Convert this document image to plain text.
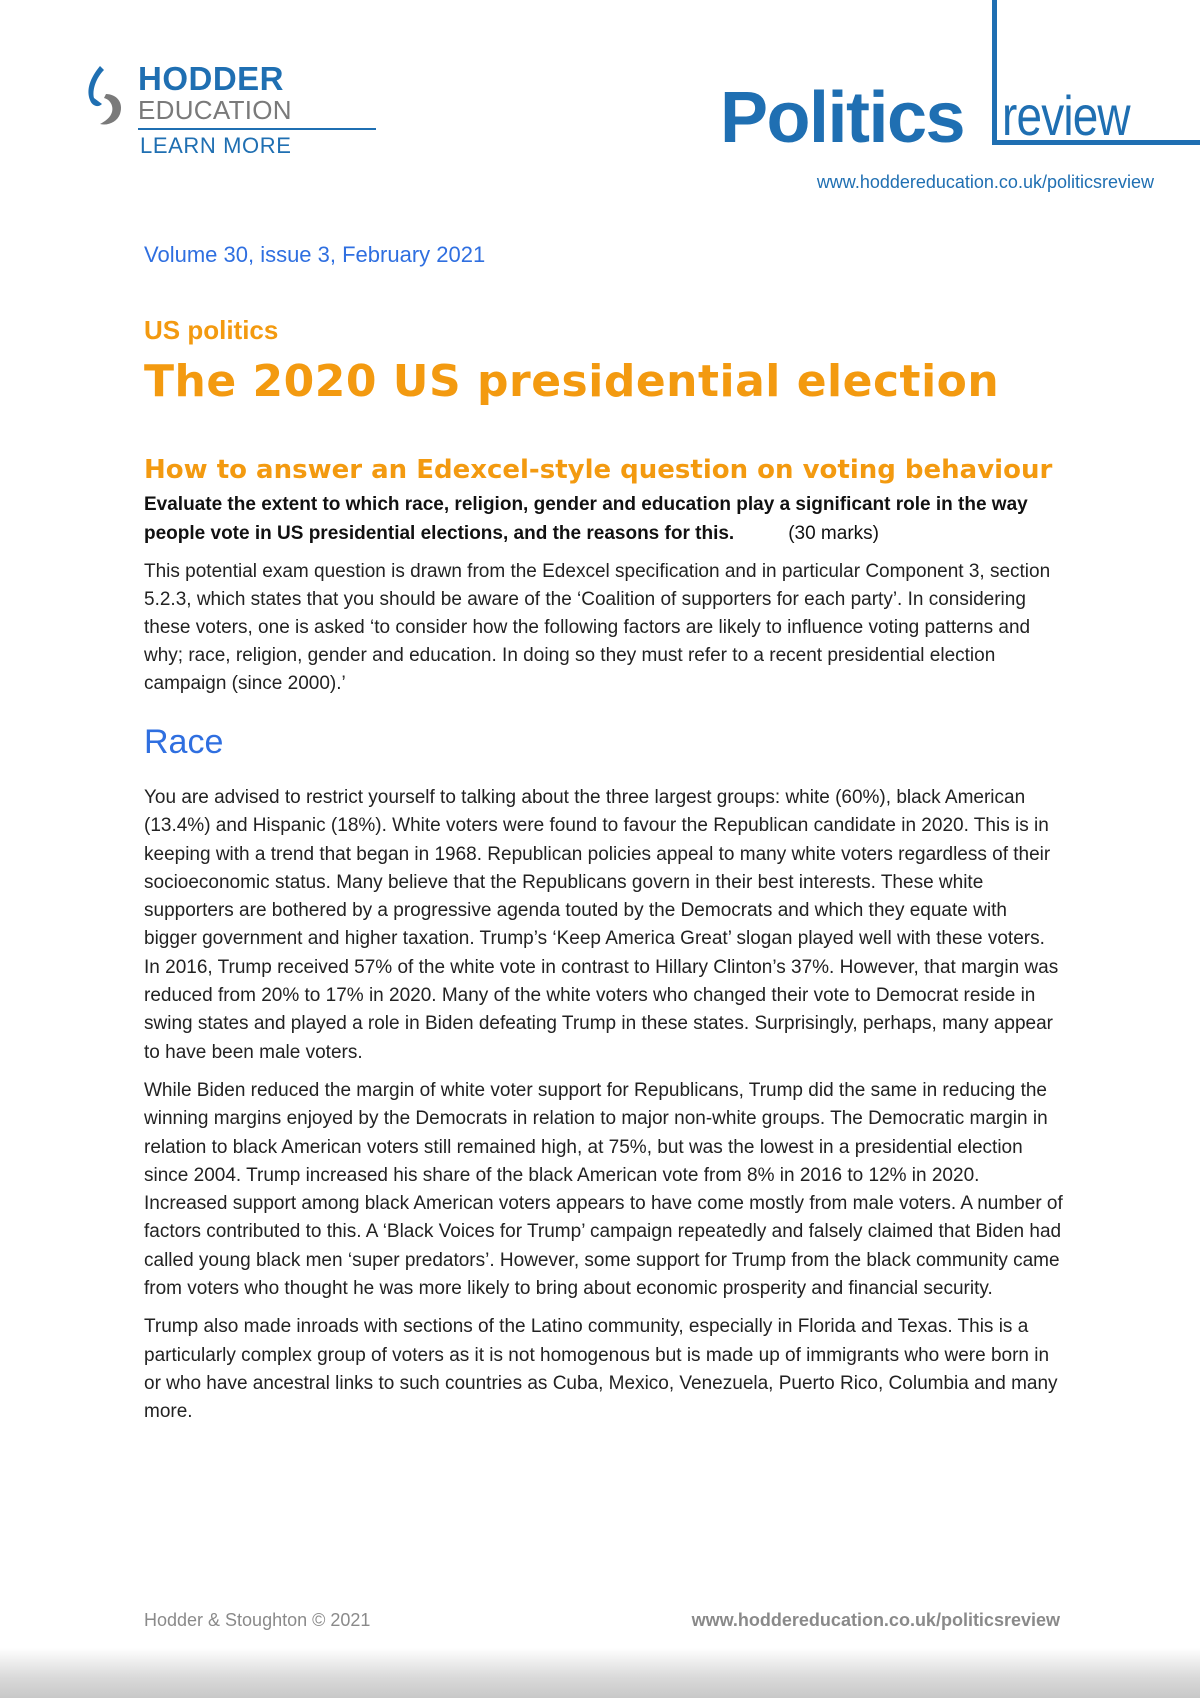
HODDER
EDUCATION
LEARN MORE	Politics review
www.hoddereducation.co.uk/politicsreview

Volume 30, issue 3, February 2021

US politics

The 2020 US presidential election
How to answer an Edexcel-style question on voting behaviour

Evaluate the extent to which race, religion, gender and education play a significant role in the way people vote in US presidential elections, and the reasons for this.	(30 marks)

This potential exam question is drawn from the Edexcel specification and in particular Component 3, section 5.2.3, which states that you should be aware of the ‘Coalition of supporters for each party’. In considering these voters, one is asked ‘to consider how the following factors are likely to influence voting patterns and why; race, religion, gender and education. In doing so they must refer to a recent presidential election campaign (since 2000).’

Race

You are advised to restrict yourself to talking about the three largest groups: white (60%), black American (13.4%) and Hispanic (18%). White voters were found to favour the Republican candidate in 2020. This is in keeping with a trend that began in 1968. Republican policies appeal to many white voters regardless of their socioeconomic status. Many believe that the Republicans govern in their best interests. These white supporters are bothered by a progressive agenda touted by the Democrats and which they equate with bigger government and higher taxation. Trump’s ‘Keep America Great’ slogan played well with these voters. In 2016, Trump received 57% of the white vote in contrast to Hillary Clinton’s 37%. However, that margin was reduced from 20% to 17% in 2020. Many of the white voters who changed their vote to Democrat reside in swing states and played a role in Biden defeating Trump in these states. Surprisingly, perhaps, many appear to have been male voters.

While Biden reduced the margin of white voter support for Republicans, Trump did the same in reducing the winning margins enjoyed by the Democrats in relation to major non-white groups. The Democratic margin in relation to black American voters still remained high, at 75%, but was the lowest in a presidential election since 2004. Trump increased his share of the black American vote from 8% in 2016 to 12% in 2020. Increased support among black American voters appears to have come mostly from male voters. A number of factors contributed to this. A ‘Black Voices for Trump’ campaign repeatedly and falsely claimed that Biden had called young black men ‘super predators’. However, some support for Trump from the black community came from voters who thought he was more likely to bring about economic prosperity and financial security.

Trump also made inroads with sections of the Latino community, especially in Florida and Texas. This is a particularly complex group of voters as it is not homogenous but is made up of immigrants who were born in or who have ancestral links to such countries as Cuba, Mexico, Venezuela, Puerto Rico, Columbia and many more.

Hodder & Stoughton © 2021	www.hoddereducation.co.uk/politicsreview
